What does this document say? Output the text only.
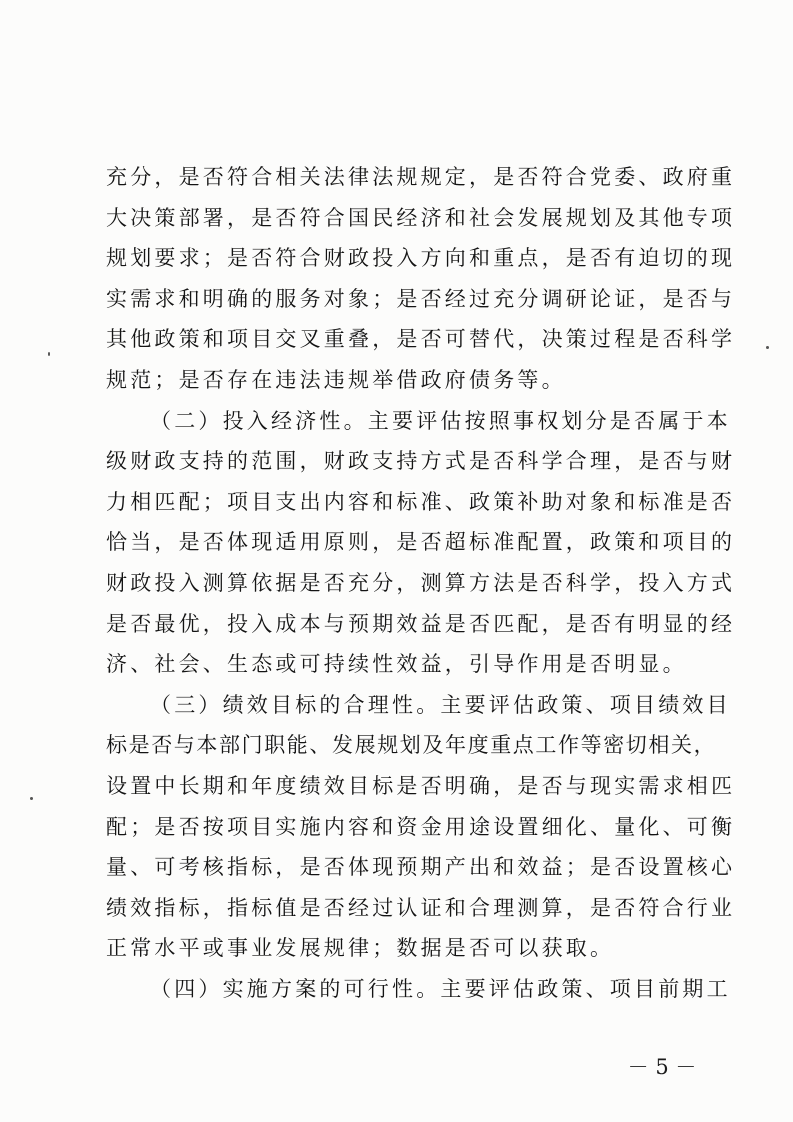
充分，是否符合相关法律法规规定，是否符合党委、政府重
大决策部署，是否符合国民经济和社会发展规划及其他专项
规划要求；是否符合财政投入方向和重点，是否有迫切的现
实需求和明确的服务对象；是否经过充分调研论证，是否与
其他政策和项目交叉重叠，是否可替代，决策过程是否科学
规范；是否存在违法违规举借政府债务等。
（二）投入经济性。主要评估按照事权划分是否属于本
级财政支持的范围，财政支持方式是否科学合理，是否与财
力相匹配；项目支出内容和标准、政策补助对象和标准是否
恰当，是否体现适用原则，是否超标准配置，政策和项目的
财政投入测算依据是否充分，测算方法是否科学，投入方式
是否最优，投入成本与预期效益是否匹配，是否有明显的经
济、社会、生态或可持续性效益，引导作用是否明显。
（三）绩效目标的合理性。主要评估政策、项目绩效目
标是否与本部门职能、发展规划及年度重点工作等密切相关，
设置中长期和年度绩效目标是否明确，是否与现实需求相匹
配；是否按项目实施内容和资金用途设置细化、量化、可衡
量、可考核指标，是否体现预期产出和效益；是否设置核心
绩效指标，指标值是否经过认证和合理测算，是否符合行业
正常水平或事业发展规律；数据是否可以获取。
（四）实施方案的可行性。主要评估政策、项目前期工
－ 5 －
